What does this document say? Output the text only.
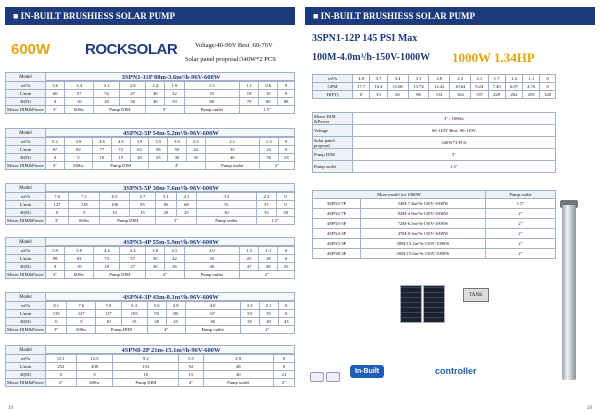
■ IN-BUILT BRUSHIESS SOLAR PUMP
600W ROCKSOLAR	Voltage:40-90V Best :60-76V
Solar panel proposal:340W*2 PCS
Model	3SPN1-11P 88m-3.6m³/h-96V-600W
m³/h	3.6	3.4	3.1	2.8	2.4	1.9	1.5	1.1	0.6	0
L/min	60	57	52	47	40	32	25	18	10	0
H(M)	0	10	20	30	40	50	60	70	80	88
Motor DIM&Power	3"	600w	Pump DIM		3"		Pump outlet	1.5"		
Model	4SPN2-5P 54m-5.2m³/h-96V-600W
m³/h	5.2	4.9	4.6	4.3	3.9	3.5	3.0	2.5	2.1	1.3	0
L/min	87	82	77	72	65	58	50	42	35	22	0
H(M)	0	5	10	15	20	25	30	35	40	50	54
Motor DIM&Power	3"	600w	Pump DIM			4"			Pump outlet	2"	
Model	3SPN3-5P 38m-7.6m³/h-96V-600W
m³/h	7.6	7.1	6.5	5.7	5.1	4.1	3.3	2.2	0
L/min	127	118	108	95	85	68	55	37	0
H(M)	0	5	10	15	20	25	30	35	38
Motor DIM&Power	3"	600w	Pump DIM		3"		Pump outlet	1.5"	
Model	4SPN3-4P 55m-5.9m³/h-96V-600W
m³/h	5.9	5.0	4.4	3.4	3.0	2.5	2.0	1.5	1.1	0
L/min	98	83	73	57	50	42	33	25	18	0
H(M)	0	10	18	27	30	36	40	47	49	55
Motor DIM&Power	3"	600w	Pump DIM		4"		Pump outlet	2"		
Model	4SPN4-3P 43m-8.1m³/h-96V-600W
m³/h	8.1	7.6	7.0	6.3	5.6	4.8	4.0	3.2	2.1	0
L/min	135	127	117	105	93	80	67	53	35	0
H(M)	0	5	10	15	20	25	30	35	40	43
Motor DIM&Power	3"	600w	Pump DIM		4"		Pump outlet	2"		
Model	4SPN8-2P 21m-15.1m³/h-96V-600W
m³/h	15.1	12.5	9.2	5.5	2.9	0
L/min	252	208	153	92	48	0
H(M)	0	5	10	15	20	21
Motor DIM&Power	3"	600w	Pump DIM	4"	Pump outlet	2"
19
■ IN-BUILT BRUSHIESS SOLAR PUMP
3SPN1-12P 145 PSI Max
100M-4.0m³/h-150V-1000W 1000W 1.34HP
m³/h	4.0	3.7	3.4	3.1	2.8	2.3	2.1	1.7	1.4	1.1	0
GPM	17.7	16.4	15.06	13.74	12.42	10.04	9.24	7.40	6.07	4.76	0
H(FT)	0	33	65	98	131	164	197	229	262	295	328
Motor DIM &Power	3" / 1000w
Voltage	60-110V Best: 90-110V
Solar panel proposal	340W*3 PCS
Pump DIM	3"
Pump outlet	1.5"
More model for 1000W		Pump outlet
3SPN3-7P	54M-7.4m³/h-150V-1000W	1.5"
4SPN2-7P	82M-4.9m³/h-150V-1000W	2"
4SPN3-5P	72M-6.5m³/h-150V-1000W	2"
4SPN4-3P	47M-9.3m³/h-150V-1000W	2"
4SPN5-3P	38M-13.1m³/h-150V-1000W	2"
4SPN8-3P	30M-15.6m³/h-150V-1000W	2"
TANK
In-Built	controller
20
